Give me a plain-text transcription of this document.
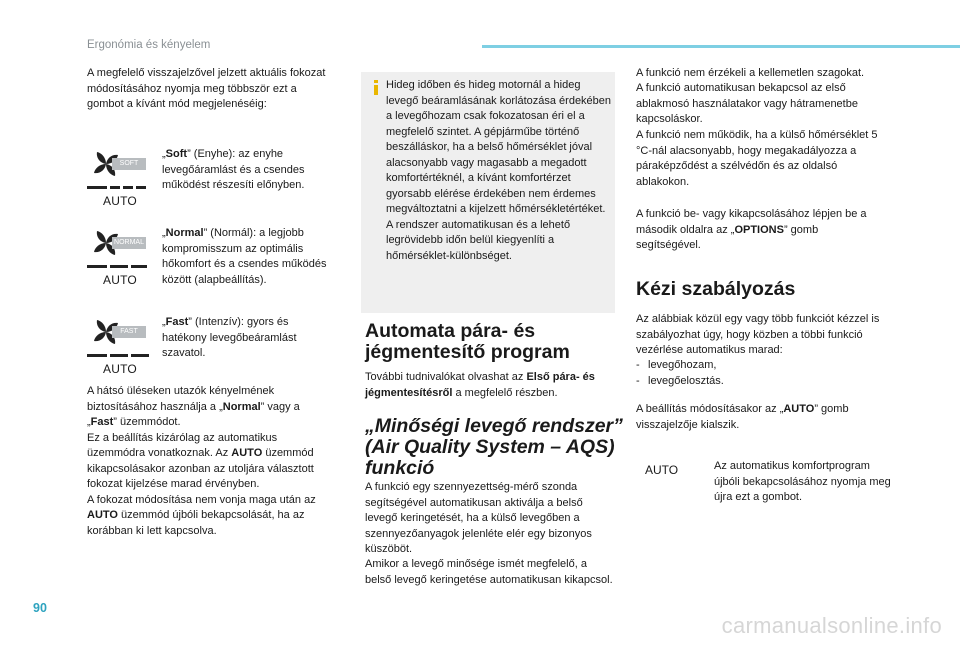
Ergonómia és kényelem
A megfelelő visszajelzővel jelzett aktuális fokozat módosításához nyomja meg többször ezt a gombot a kívánt mód megjelenéséig:
SOFT
AUTO
„Soft” (Enyhe): az enyhe levegőáramlást és a csendes működést részesíti előnyben.
NORMAL
AUTO
„Normal” (Normál): a legjobb kompromisszum az optimális hőkomfort és a csendes működés között (alapbeállítás).
FAST
AUTO
„Fast” (Intenzív): gyors és hatékony levegőbeáramlást szavatol.
A hátsó üléseken utazók kényelmének biztosításához használja a „Normal” vagy a „Fast” üzemmódot.
Ez a beállítás kizárólag az automatikus üzemmódra vonatkoznak. Az AUTO üzemmód kikapcsolásakor azonban az utoljára választott fokozat kijelzése marad érvényben.
A fokozat módosítása nem vonja maga után az AUTO üzemmód újbóli bekapcsolását, ha az korábban ki lett kapcsolva.
Hideg időben és hideg motornál a hideg levegő beáramlásának korlátozása érdekében a levegőhozam csak fokozatosan éri el a megfelelő szintet. A gépjárműbe történő beszálláskor, ha a belső hőmérséklet jóval alacsonyabb vagy magasabb a megadott komfortértéknél, a kívánt komfortérzet gyorsabb elérése érdekében nem érdemes megváltoztatni a kijelzett hőmérsékletértéket. A rendszer automatikusan és a lehető legrövidebb időn belül kiegyenlíti a hőmérséklet-különbséget.
Automata pára- és jégmentesítő program
További tudnivalókat olvashat az Első pára- és jégmentesítésről a megfelelő részben.
„Minőségi levegő rendszer” (Air Quality System – AQS) funkció
A funkció egy szennyezettség-mérő szonda segítségével automatikusan aktiválja a belső levegő keringetését, ha a külső levegőben a szennyezőanyagok jelenléte elér egy bizonyos küszöböt.
Amikor a levegő minősége ismét megfelelő, a belső levegő keringetése automatikusan kikapcsol.
A funkció nem érzékeli a kellemetlen szagokat.
A funkció automatikusan bekapcsol az első ablakmosó használatakor vagy hátramenetbe kapcsoláskor.
A funkció nem működik, ha a külső hőmérséklet 5 °C-nál alacsonyabb, hogy megakadályozza a páraképződést a szélvédőn és az oldalsó ablakokon.
A funkció be- vagy kikapcsolásához lépjen be a második oldalra az „OPTIONS” gomb segítségével.
Kézi szabályozás
Az alábbiak közül egy vagy több funkciót kézzel is szabályozhat úgy, hogy közben a többi funkció vezérlése automatikus marad:
- levegőhozam,
- levegőelosztás.
A beállítás módosításakor az „AUTO” gomb visszajelzője kialszik.
AUTO	Az automatikus komfortprogram újbóli bekapcsolásához nyomja meg újra ezt a gombot.
90
carmanualsonline.info
